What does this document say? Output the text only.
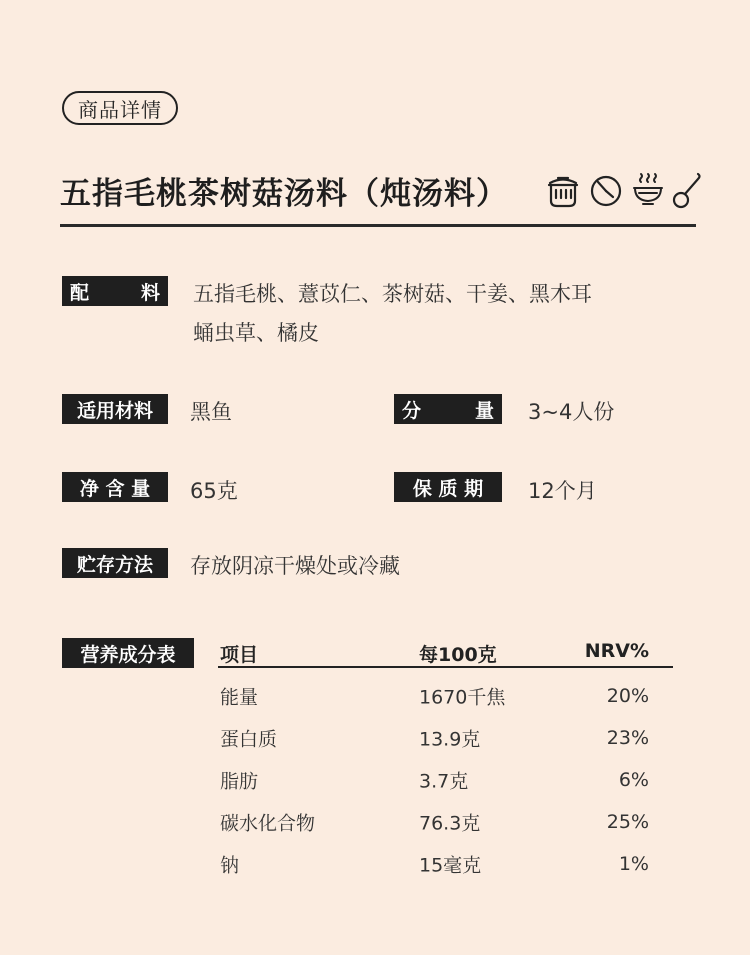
商品详情
五指毛桃茶树菇汤料（炖汤料）
配	料 五指毛桃、薏苡仁、茶树菇、干姜、黑木耳
蛹虫草、橘皮
适用材料	黑鱼	分	量 3~4人份
净 含 量	65克	保 质 期	12个月
贮存方法	存放阴凉干燥处或冷藏
营养成分表	项目	每100克	NRV%
能量	1670千焦	20%
蛋白质	13.9克	23%
脂肪	3.7克	6%
碳水化合物	76.3克	25%
钠	15毫克	1%
